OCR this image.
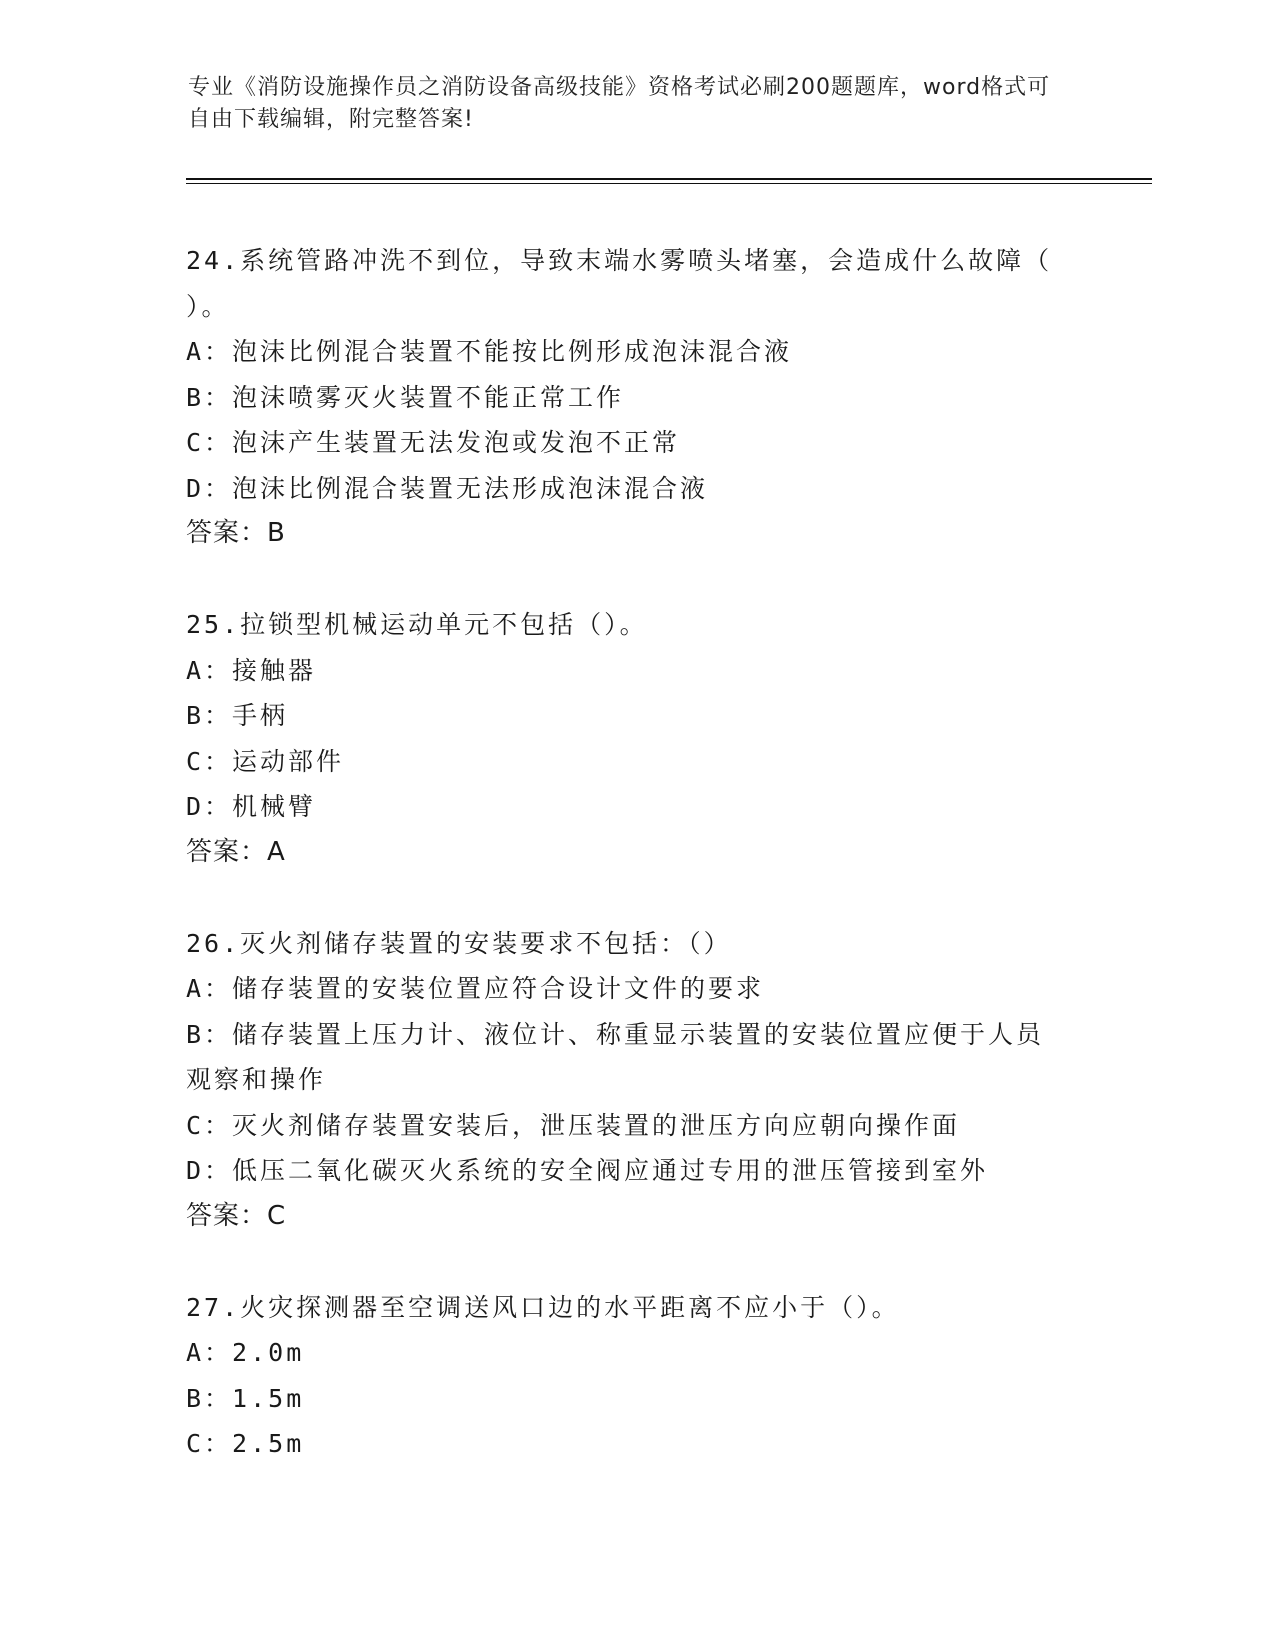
专业《消防设施操作员之消防设备高级技能》资格考试必刷200题题库，word格式可自由下载编辑，附完整答案!
24.系统管路冲洗不到位，导致末端水雾喷头堵塞，会造成什么故障（
）。
A：泡沫比例混合装置不能按比例形成泡沫混合液
B：泡沫喷雾灭火装置不能正常工作
C：泡沫产生装置无法发泡或发泡不正常
D：泡沫比例混合装置无法形成泡沫混合液
答案：B
25.拉锁型机械运动单元不包括（）。
A：接触器
B：手柄
C：运动部件
D：机械臂
答案：A
26.灭火剂储存装置的安装要求不包括：（）
A：储存装置的安装位置应符合设计文件的要求
B：储存装置上压力计、液位计、称重显示装置的安装位置应便于人员
观察和操作
C：灭火剂储存装置安装后，泄压装置的泄压方向应朝向操作面
D：低压二氧化碳灭火系统的安全阀应通过专用的泄压管接到室外
答案：C
27.火灾探测器至空调送风口边的水平距离不应小于（）。
A：2.0m
B：1.5m
C：2.5m
